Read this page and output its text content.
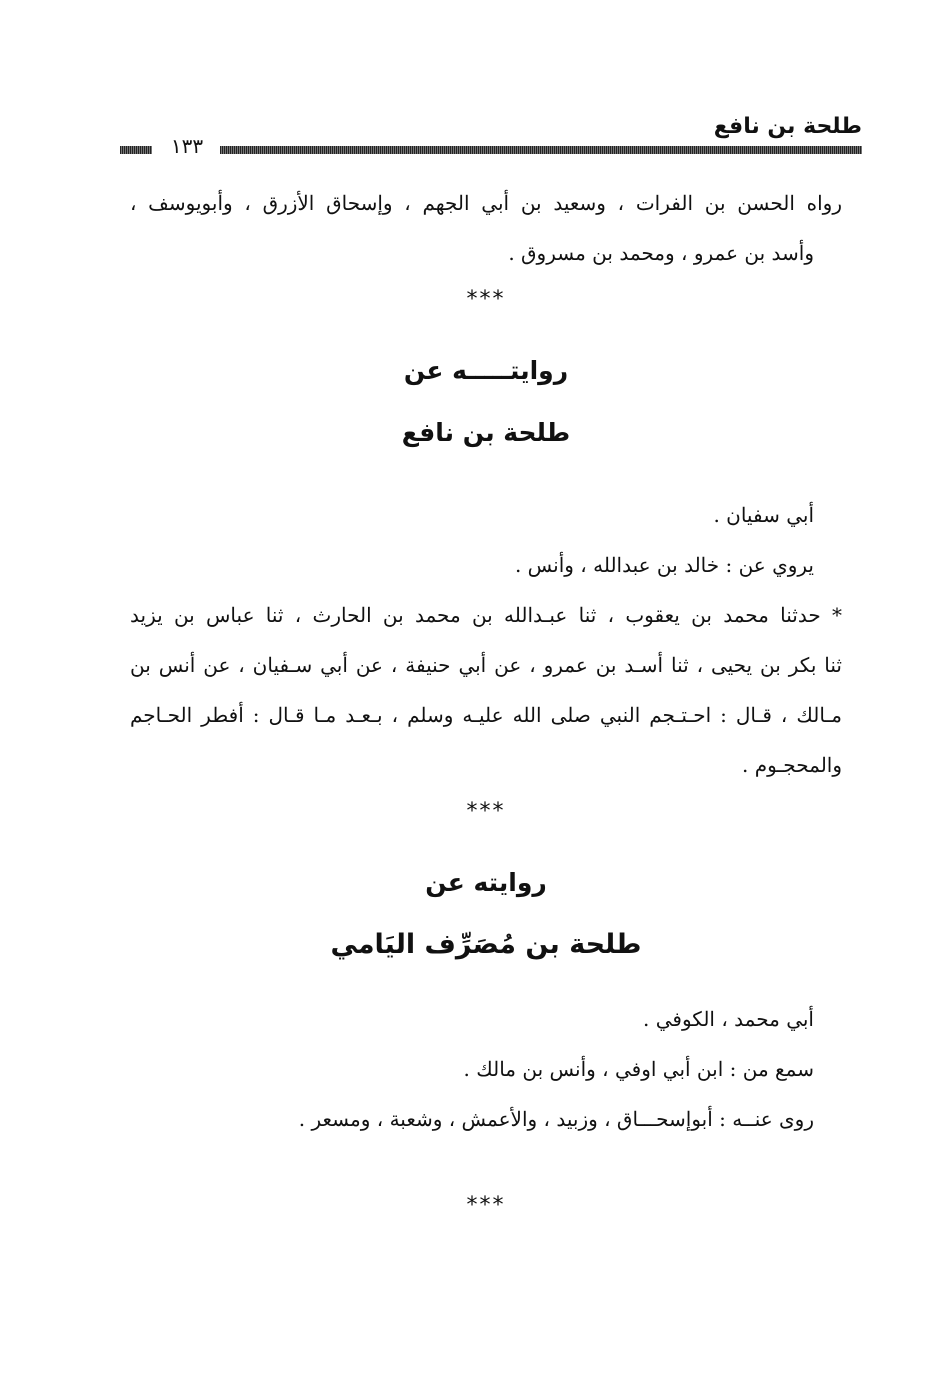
١٣٣
طلحة بن نافع
رواه الحسن بن الفرات ، وسعيد بن أبي الجهم ، وإسحاق الأزرق ، وأبويوسف ،
وأسد بن عمرو ، ومحمد بن مسروق .
***
روايتـــــه عن
طلحة بن نافع
أبي سفيان .
يروي عن : خالد بن عبدالله ، وأنس .
* حدثنا محمد بن يعقوب ، ثنا عبـدالله بن محمد بن الحارث ، ثنا عباس بن يزيد
ثنا بكر بن يحيى ، ثنا أسـد بن عمرو ، عن أبي حنيفة ، عن أبي سـفيان ، عن أنس بن
مـالك ، قـال : احـتـجم النبي صلى الله عليـه وسلم ، بـعـد مـا قـال : أفطر الحـاجم
والمحجـوم .
***
روايته عن
طلحة بن مُصَرِّف اليَامي
أبي محمد ، الكوفي .
سمع من : ابن أبي اوفي ، وأنس بن مالك .
روى عنــه : أبوإسحـــاق ، وزبيد ، والأعمش ، وشعبة ، ومسعر .
***
